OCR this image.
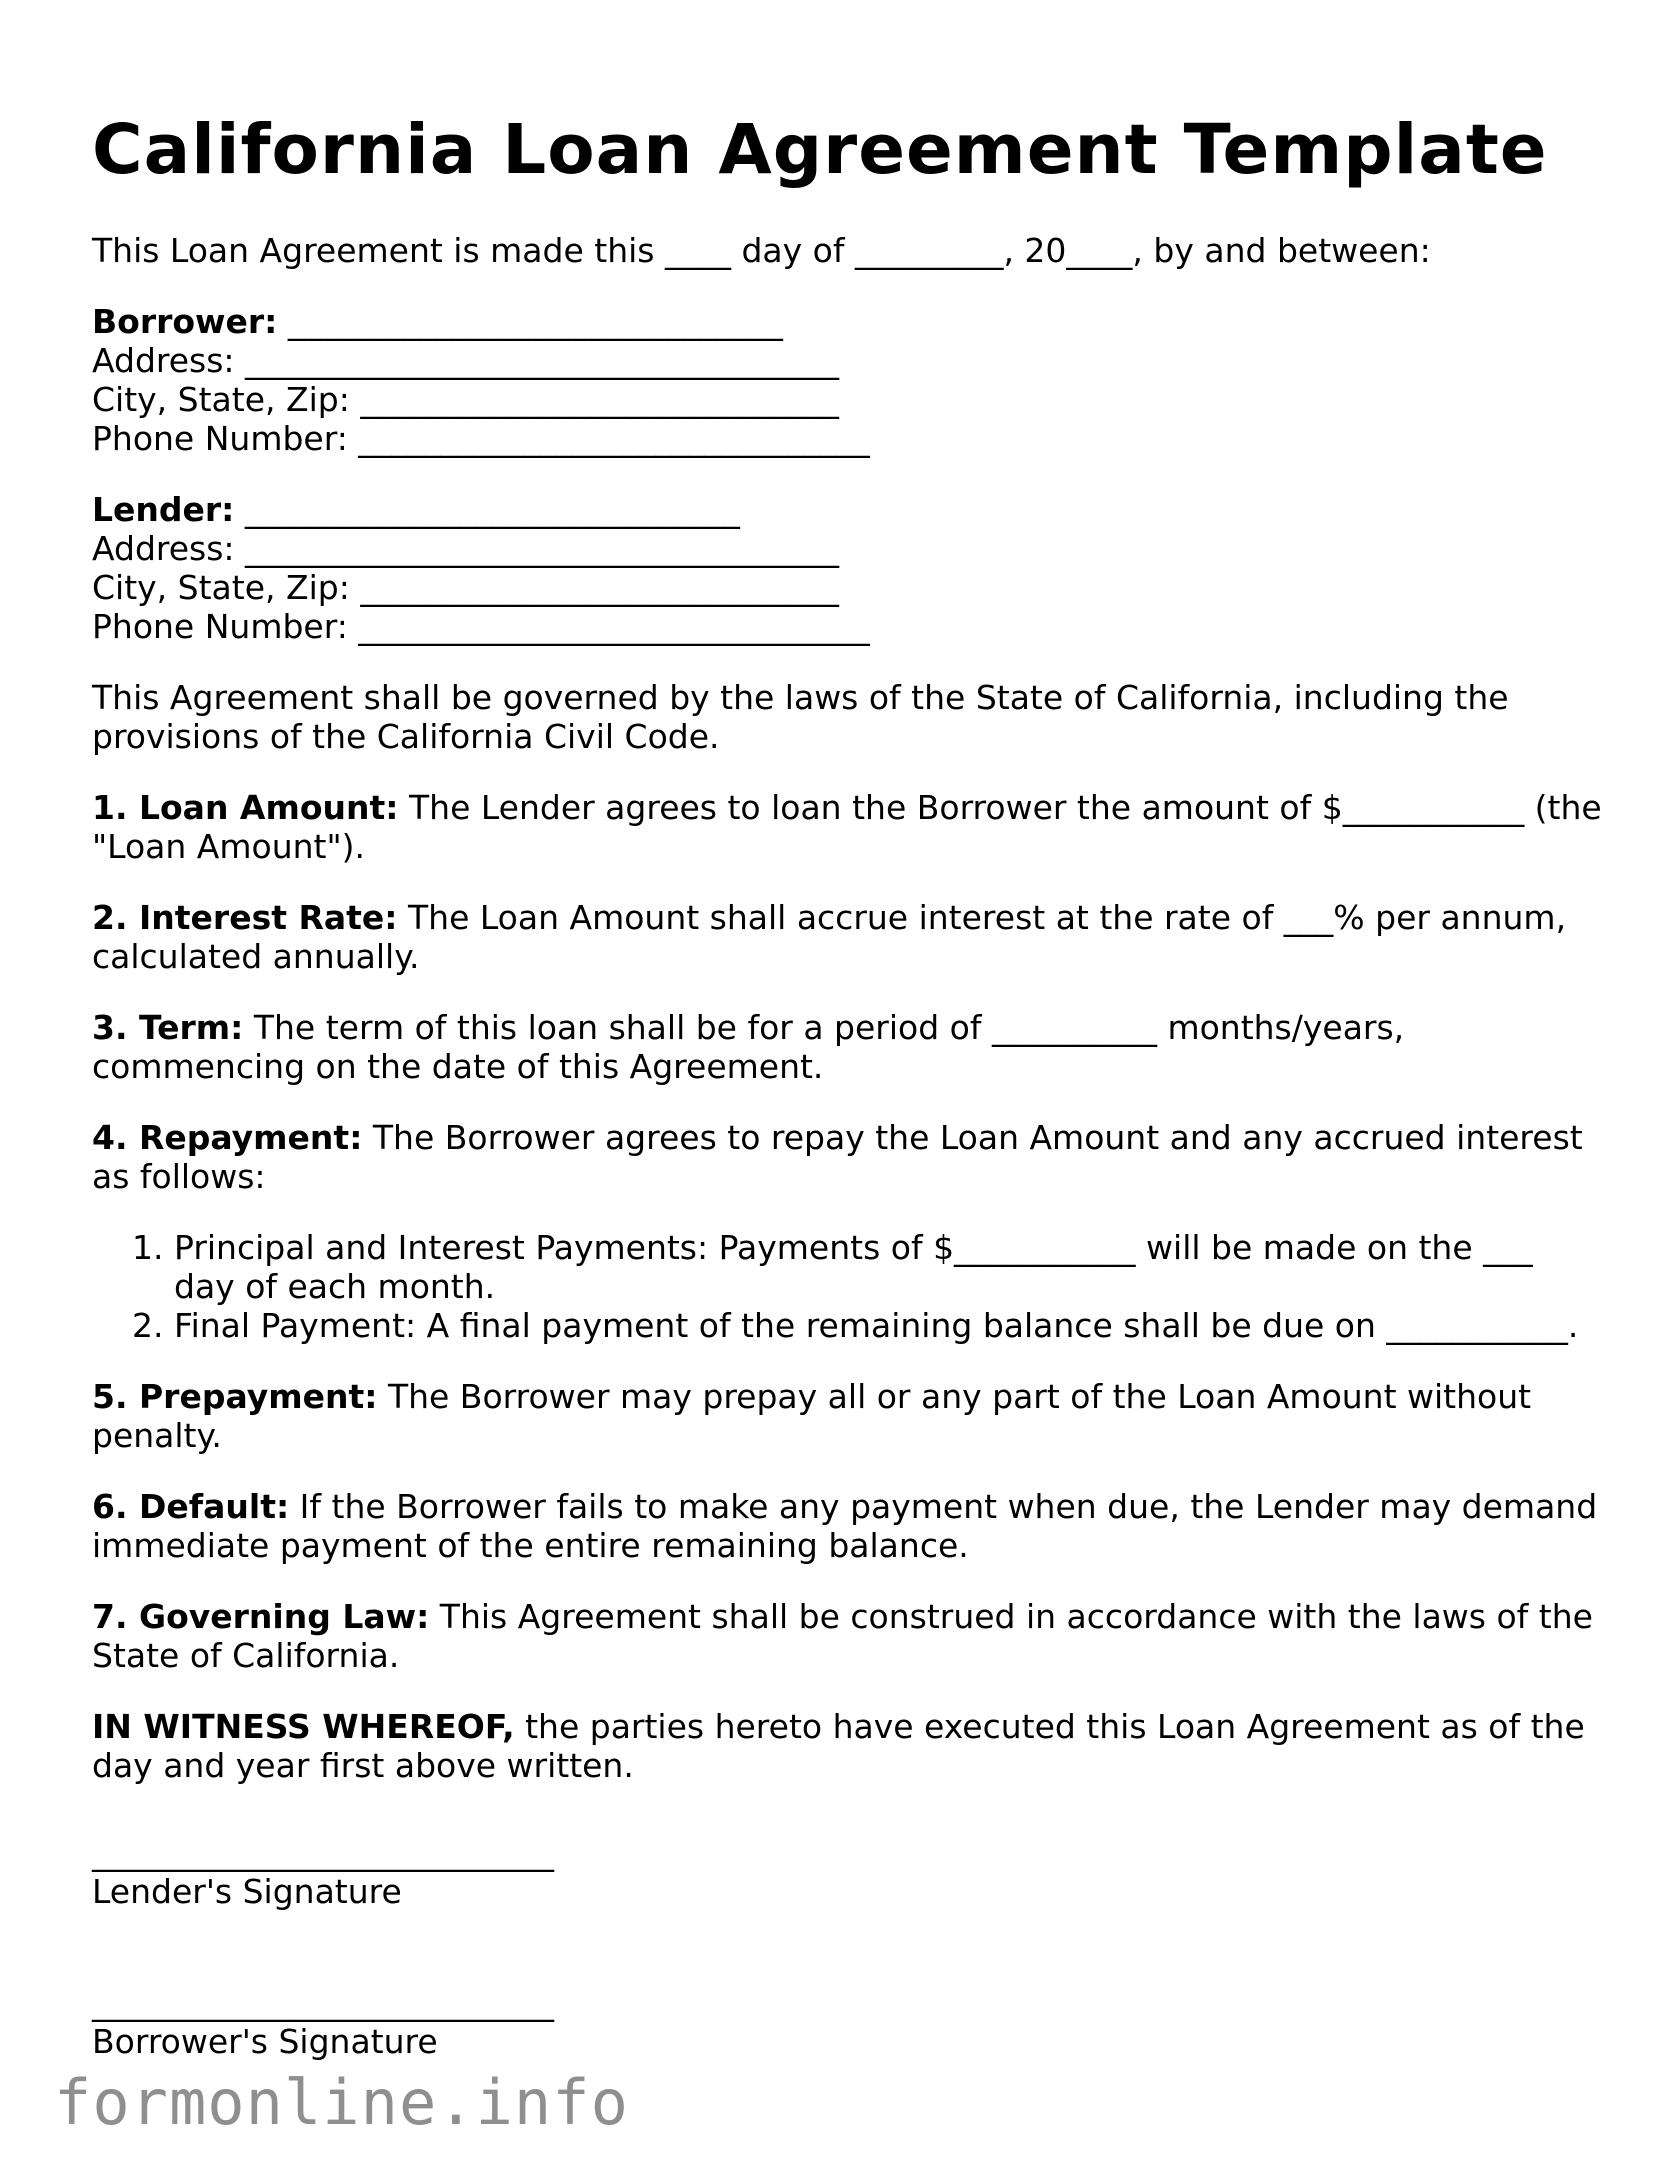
California Loan Agreement Template

This Loan Agreement is made this ____ day of _________, 20____, by and between:

Borrower: ______________________________
Address: ____________________________________
City, State, Zip: _____________________________
Phone Number: _______________________________
Lender: ______________________________
Address: ____________________________________
City, State, Zip: _____________________________
Phone Number: _______________________________

This Agreement shall be governed by the laws of the State of California, including the provisions of the California Civil Code.

1. Loan Amount: The Lender agrees to loan the Borrower the amount of $___________ (the "Loan Amount").

2. Interest Rate: The Loan Amount shall accrue interest at the rate of ___% per annum, calculated annually.

3. Term: The term of this loan shall be for a period of __________ months/years, commencing on the date of this Agreement.

4. Repayment: The Borrower agrees to repay the Loan Amount and any accrued interest as follows:

1. Principal and Interest Payments: Payments of $___________ will be made on the ___ day of each month.
2. Final Payment: A final payment of the remaining balance shall be due on ___________.

5. Prepayment: The Borrower may prepay all or any part of the Loan Amount without penalty.

6. Default: If the Borrower fails to make any payment when due, the Lender may demand immediate payment of the entire remaining balance.

7. Governing Law: This Agreement shall be construed in accordance with the laws of the State of California.

IN WITNESS WHEREOF, the parties hereto have executed this Loan Agreement as of the day and year first above written.

____________________________
Lender's Signature
____________________________
Borrower's Signature
formonline.info
